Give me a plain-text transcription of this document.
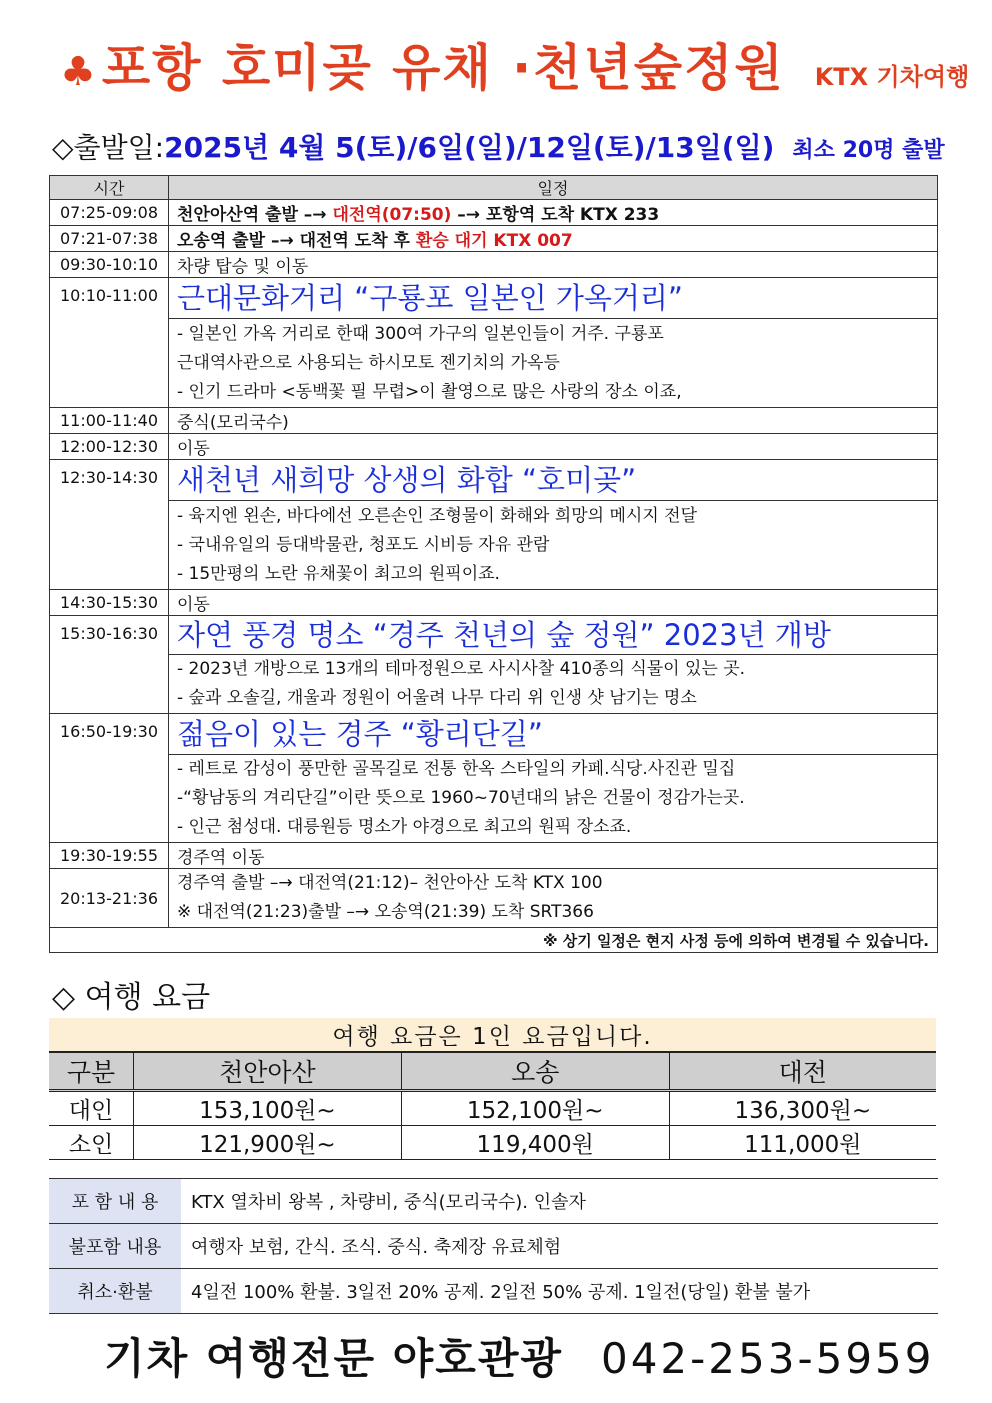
♣ 포항 호미곶 유채 ·천년숲정원 KTX 기차여행
◇출발일: 2025년 4월 5(토)/6일(일)/12일(토)/13일(일) 최소 20명 출발
시간	일정
07:25-09:08	천안아산역 출발 –→ 대전역(07:50) –→ 포항역 도착 KTX 233
07:21-07:38	오송역 출발 –→ 대전역 도착 후 환승 대기 KTX 007
09:30-10:10	차량 탑승 및 이동
10:10-11:00	근대문화거리 “구룡포 일본인 가옥거리”

	- 일본인 가옥 거리로 한때 300여 가구의 일본인들이 거주. 구룡포
근대역사관으로 사용되는 하시모토 젠기치의 가옥등
- 인기 드라마 <동백꽃 필 무렵>이 촬영으로 많은 사랑의 장소 이죠,

11:00-11:40	중식(모리국수)
12:00-12:30	이동
12:30-14:30	새천년 새희망 상생의 화합 “호미곶”

	- 육지엔 왼손, 바다에선 오른손인 조형물이 화해와 희망의 메시지 전달
- 국내유일의 등대박물관, 청포도 시비등 자유 관람
- 15만평의 노란 유채꽃이 최고의 원픽이죠.

14:30-15:30	이동
15:30-16:30	자연 풍경 명소 “경주 천년의 숲 정원” 2023년 개방

	- 2023년 개방으로 13개의 테마정원으로 사시사찰 410종의 식물이 있는 곳.
- 숲과 오솔길, 개울과 정원이 어울려 나무 다리 위 인생 샷 남기는 명소

16:50-19:30	젊음이 있는 경주 “황리단길”

	- 레트로 감성이 풍만한 골목길로 전통 한옥 스타일의 카페.식당.사진관 밀집
-“황남동의 겨리단길”이란 뜻으로 1960~70년대의 낡은 건물이 정감가는곳.
- 인근 첨성대. 대릉원등 명소가 야경으로 최고의 원픽 장소죠.

19:30-19:55	경주역 이동
20:13-21:36	경주역 출발 –→ 대전역(21:12)– 천안아산 도착 KTX 100
※ 대전역(21:23)출발 –→ 오송역(21:39) 도착 SRT366

※ 상기 일정은 현지 사정 등에 의하여 변경될 수 있습니다.	
◇ 여행 요금
여행 요금은 1인 요금입니다.			
구분	천안아산	오송	대전
대인	153,100원~	152,100원~	136,300원~
소인	121,900원~	119,400원	111,000원
포 함 내 용	KTX 열차비 왕복 , 차량비, 중식(모리국수). 인솔자
불포함 내용	여행자 보험, 간식. 조식. 중식. 축제장 유료체험
취소·환불	4일전 100% 환불. 3일전 20% 공제. 2일전 50% 공제. 1일전(당일) 환불 불가
기차 여행전문 야호관광 042-253-5959
